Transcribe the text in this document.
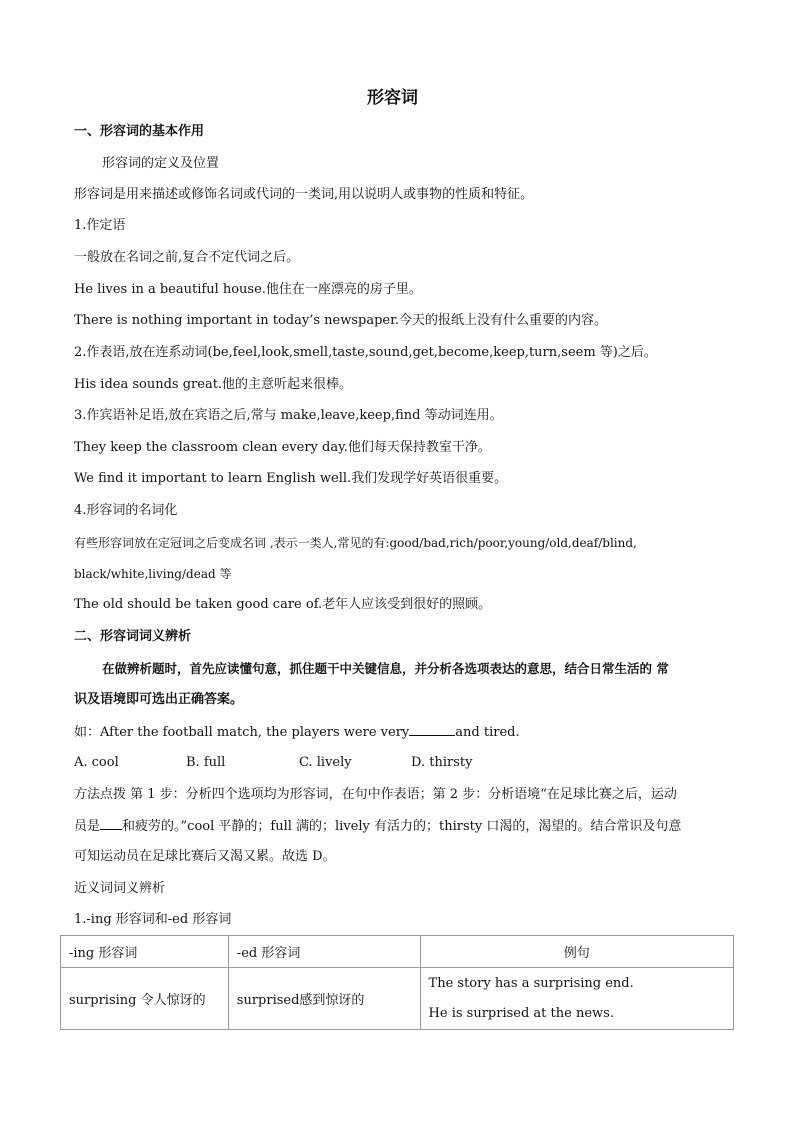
形容词
一、形容词的基本作用
形容词的定义及位置
形容词是用来描述或修饰名词或代词的一类词,用以说明人或事物的性质和特征。
1.作定语
一般放在名词之前,复合不定代词之后。
He lives in a beautiful house.他住在一座漂亮的房子里。
There is nothing important in today’s newspaper.今天的报纸上没有什么重要的内容。
2.作表语,放在连系动词(be,feel,look,smell,taste,sound,get,become,keep,turn,seem 等)之后。
His idea sounds great.他的主意听起来很棒。
3.作宾语补足语,放在宾语之后,常与 make,leave,keep,find 等动词连用。
They keep the classroom clean every day.他们每天保持教室干净。
We find it important to learn English well.我们发现学好英语很重要。
4.形容词的名词化
有些形容词放在定冠词之后变成名词 ,表示一类人,常见的有:good/bad,rich/poor,young/old,deaf/blind,
black/white,living/dead 等
The old should be taken good care of.老年人应该受到很好的照顾。
二、形容词词义辨析
在做辨析题时，首先应读懂句意，抓住题干中关键信息，并分析各选项表达的意思，结合日常生活的 常
识及语境即可选出正确答案。
如：After the football match, the players were very	and tired.
A. cool	B. full	C. lively	D. thirsty
方法点拨 第 1 步：分析四个选项均为形容词，在句中作表语；第 2 步：分析语境“在足球比赛之后，运动
员是 和疲劳的。”cool 平静的；full 满的；lively 有活力的；thirsty 口渴的，渴望的。结合常识及句意
可知运动员在足球比赛后又渴又累。故选 D。
近义词词义辨析
1.-ing 形容词和-ed 形容词
-ing 形容词	-ed 形容词	例句
surprising 令人惊讶的	surprised感到惊讶的	The story has a surprising end.
He is surprised at the news.
